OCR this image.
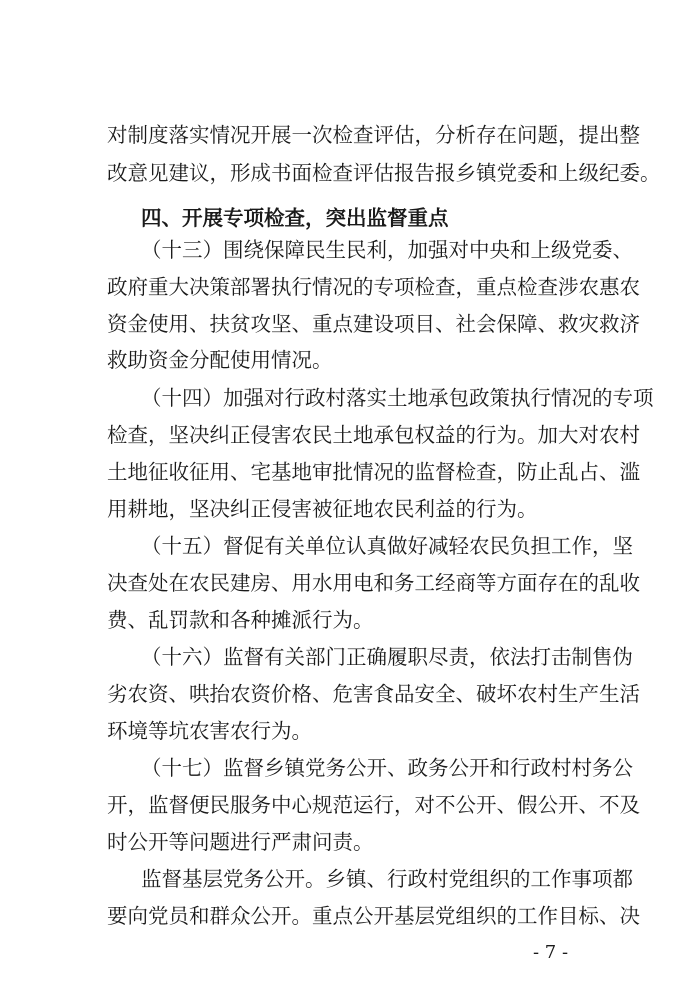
对制度落实情况开展一次检查评估，分析存在问题，提出整
改意见建议，形成书面检查评估报告报乡镇党委和上级纪委。
四、开展专项检查，突出监督重点
（十三）围绕保障民生民利，加强对中央和上级党委、
政府重大决策部署执行情况的专项检查，重点检查涉农惠农
资金使用、扶贫攻坚、重点建设项目、社会保障、救灾救济
救助资金分配使用情况。
（十四）加强对行政村落实土地承包政策执行情况的专项
检查，坚决纠正侵害农民土地承包权益的行为。加大对农村
土地征收征用、宅基地审批情况的监督检查，防止乱占、滥
用耕地，坚决纠正侵害被征地农民利益的行为。
（十五）督促有关单位认真做好减轻农民负担工作，坚
决查处在农民建房、用水用电和务工经商等方面存在的乱收
费、乱罚款和各种摊派行为。
（十六）监督有关部门正确履职尽责，依法打击制售伪
劣农资、哄抬农资价格、危害食品安全、破坏农村生产生活
环境等坑农害农行为。
（十七）监督乡镇党务公开、政务公开和行政村村务公
开，监督便民服务中心规范运行，对不公开、假公开、不及
时公开等问题进行严肃问责。
监督基层党务公开。乡镇、行政村党组织的工作事项都
要向党员和群众公开。重点公开基层党组织的工作目标、决
- 7 -
